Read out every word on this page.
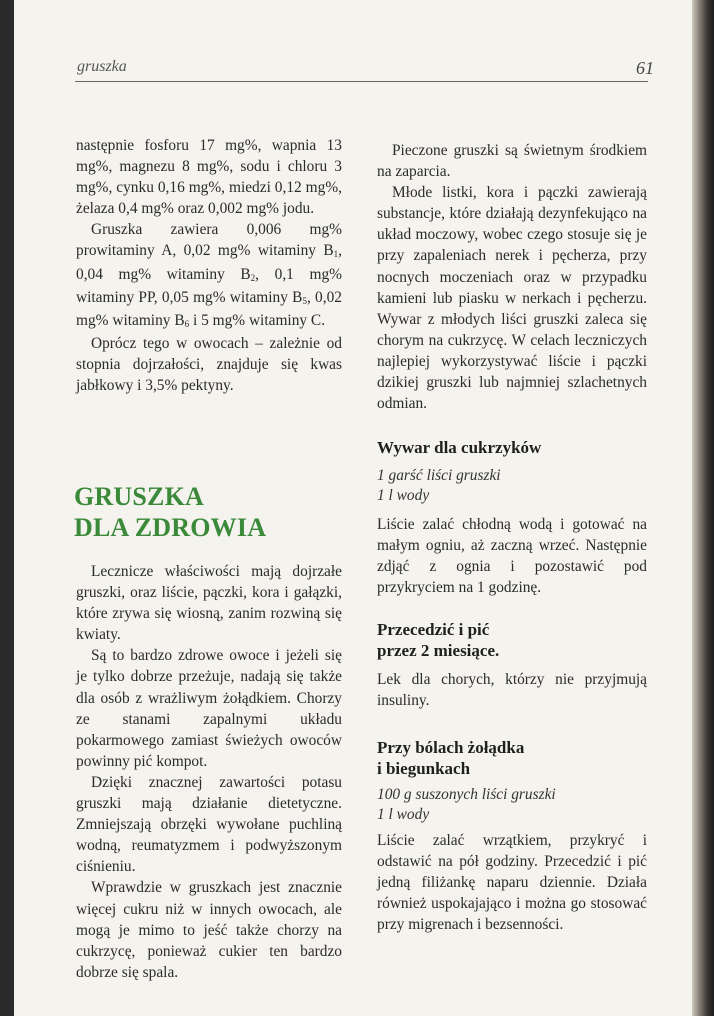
gruszka	61

następnie fosforu 17 mg%, wapnia 13 mg%, magnezu 8 mg%, sodu i chloru 3 mg%, cynku 0,16 mg%, miedzi 0,12 mg%, żelaza 0,4 mg% oraz 0,002 mg% jodu.

Gruszka zawiera 0,006 mg% prowitaminy A, 0,02 mg% witaminy $B_1$, 0,04 mg% witaminy $B_2$, 0,1 mg% witaminy PP, 0,05 mg% witaminy $B_5$, 0,02 mg% witaminy $B_6$ i 5 mg% witaminy C.

Oprócz tego w owocach – zależnie od stopnia dojrzałości, znajduje się kwas jabłkowy i 3,5% pektyny.

GRUSZKA
DLA ZDROWIA

Lecznicze właściwości mają dojrzałe gruszki, oraz liście, pączki, kora i gałązki, które zrywa się wiosną, zanim rozwiną się kwiaty.

Są to bardzo zdrowe owoce i jeżeli się je tylko dobrze przeżuje, nadają się także dla osób z wrażliwym żołądkiem. Chorzy ze stanami zapalnymi układu pokarmowego zamiast świeżych owoców powinny pić kompot.

Dzięki znacznej zawartości potasu gruszki mają działanie dietetyczne. Zmniejszają obrzęki wywołane puchliną wodną, reumatyzmem i podwyższonym ciśnieniu.

Wprawdzie w gruszkach jest znacznie więcej cukru niż w innych owocach, ale mogą je mimo to jeść także chorzy na cukrzycę, ponieważ cukier ten bardzo dobrze się spala.

Pieczone gruszki są świetnym środkiem na zaparcia.

Młode listki, kora i pączki zawierają substancje, które działają dezynfekująco na układ moczowy, wobec czego stosuje się je przy zapaleniach nerek i pęcherza, przy nocnych moczeniach oraz w przypadku kamieni lub piasku w nerkach i pęcherzu. Wywar z młodych liści gruszki zaleca się chorym na cukrzycę. W celach leczniczych najlepiej wykorzystywać liście i pączki dzikiej gruszki lub najmniej szlachetnych odmian.

Wywar dla cukrzyków
1 garść liści gruszki
1 l wody

Liście zalać chłodną wodą i gotować na małym ogniu, aż zaczną wrzeć. Następnie zdjąć z ognia i pozostawić pod przykryciem na 1 godzinę.

Przecedzić i pić
przez 2 miesiące.

Lek dla chorych, którzy nie przyjmują insuliny.

Przy bólach żołądka
i biegunkach
100 g suszonych liści gruszki
1 l wody

Liście zalać wrzątkiem, przykryć i odstawić na pół godziny. Przecedzić i pić jedną filiżankę naparu dziennie. Działa również uspokajająco i można go stosować przy migrenach i bezsenności.
